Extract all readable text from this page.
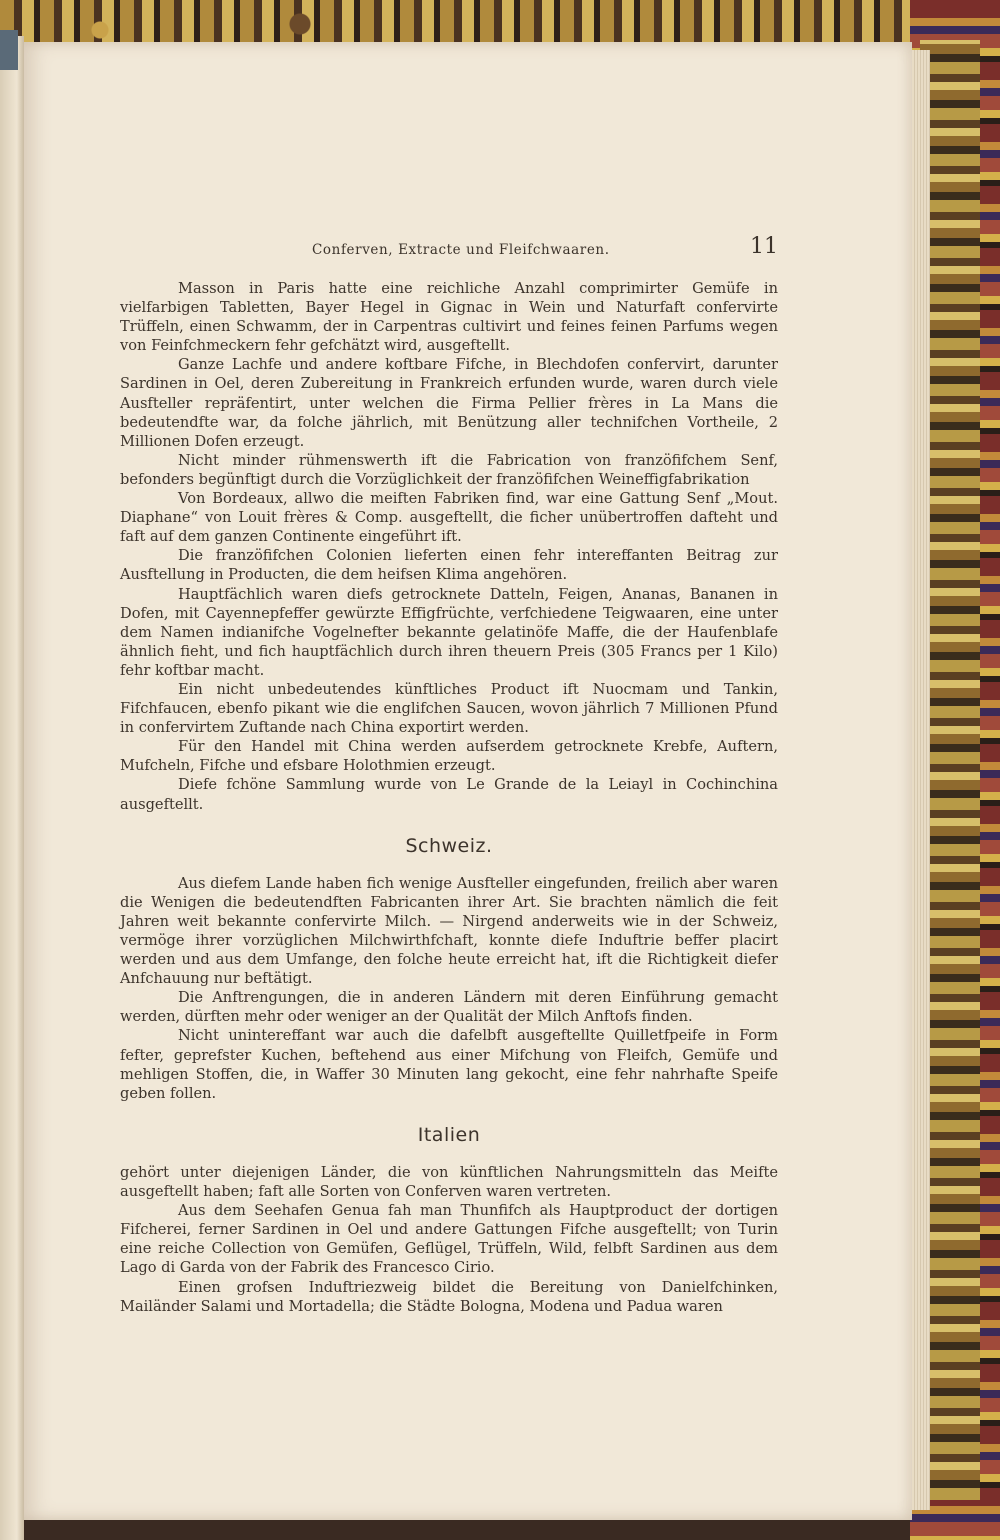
Conferven, Extracte und Fleifchwaaren.	11

Masson in Paris hatte eine reichliche Anzahl comprimirter Gemüfe in vielfarbigen Tabletten, Bayer Hegel in Gignac in Wein und Naturfaft confervirte Trüffeln, einen Schwamm, der in Carpentras cultivirt und feines feinen Parfums wegen von Feinfchmeckern fehr gefchätzt wird, ausgeftellt.

Ganze Lachfe und andere koftbare Fifche, in Blechdofen confervirt, darunter Sardinen in Oel, deren Zubereitung in Frankreich erfunden wurde, waren durch viele Ausfteller repräfentirt, unter welchen die Firma Pellier frères in La Mans die bedeutendfte war, da folche jährlich, mit Benützung aller technifchen Vortheile, 2 Millionen Dofen erzeugt.

Nicht minder rühmenswerth ift die Fabrication von franzöfifchem Senf, befonders begünftigt durch die Vorzüglichkeit der franzöfifchen Weineffigfabrikation

Von Bordeaux, allwo die meiften Fabriken find, war eine Gattung Senf „Mout. Diaphane“ von Louit frères & Comp. ausgeftellt, die ficher unübertroffen dafteht und faft auf dem ganzen Continente eingeführt ift.

Die franzöfifchen Colonien lieferten einen fehr intereffanten Beitrag zur Ausftellung in Producten, die dem heifsen Klima angehören.

Hauptfächlich waren diefs getrocknete Datteln, Feigen, Ananas, Bananen in Dofen, mit Cayennepfeffer gewürzte Effigfrüchte, verfchiedene Teigwaaren, eine unter dem Namen indianifche Vogelnefter bekannte gelatinöfe Maffe, die der Haufenblafe ähnlich fieht, und fich hauptfächlich durch ihren theuern Preis (305 Francs per 1 Kilo) fehr koftbar macht.

Ein nicht unbedeutendes künftliches Product ift Nuocmam und Tankin, Fifchfaucen, ebenfo pikant wie die englifchen Saucen, wovon jährlich 7 Millionen Pfund in confervirtem Zuftande nach China exportirt werden.

Für den Handel mit China werden aufserdem getrocknete Krebfe, Auftern, Mufcheln, Fifche und efsbare Holothmien erzeugt.

Diefe fchöne Sammlung wurde von Le Grande de la Leiayl in Cochinchina ausgeftellt.

Schweiz.

Aus diefem Lande haben fich wenige Ausfteller eingefunden, freilich aber waren die Wenigen die bedeutendften Fabricanten ihrer Art. Sie brachten nämlich die feit Jahren weit bekannte confervirte Milch. — Nirgend anderweits wie in der Schweiz, vermöge ihrer vorzüglichen Milchwirthfchaft, konnte diefe Induftrie beffer placirt werden und aus dem Umfange, den folche heute erreicht hat, ift die Richtigkeit diefer Anfchauung nur beftätigt.

Die Anftrengungen, die in anderen Ländern mit deren Einführung gemacht werden, dürften mehr oder weniger an der Qualität der Milch Anftofs finden.

Nicht unintereffant war auch die dafelbft ausgeftellte Quilletfpeife in Form fefter, geprefster Kuchen, beftehend aus einer Mifchung von Fleifch, Gemüfe und mehligen Stoffen, die, in Waffer 30 Minuten lang gekocht, eine fehr nahrhafte Speife geben follen.

Italien

gehört unter diejenigen Länder, die von künftlichen Nahrungsmitteln das Meifte ausgeftellt haben; faft alle Sorten von Conferven waren vertreten.

Aus dem Seehafen Genua fah man Thunfifch als Hauptproduct der dortigen Fifcherei, ferner Sardinen in Oel und andere Gattungen Fifche ausgeftellt; von Turin eine reiche Collection von Gemüfen, Geflügel, Trüffeln, Wild, felbft Sardinen aus dem Lago di Garda von der Fabrik des Francesco Cirio.

Einen grofsen Induftriezweig bildet die Bereitung von Danielfchinken, Mailänder Salami und Mortadella; die Städte Bologna, Modena und Padua waren
